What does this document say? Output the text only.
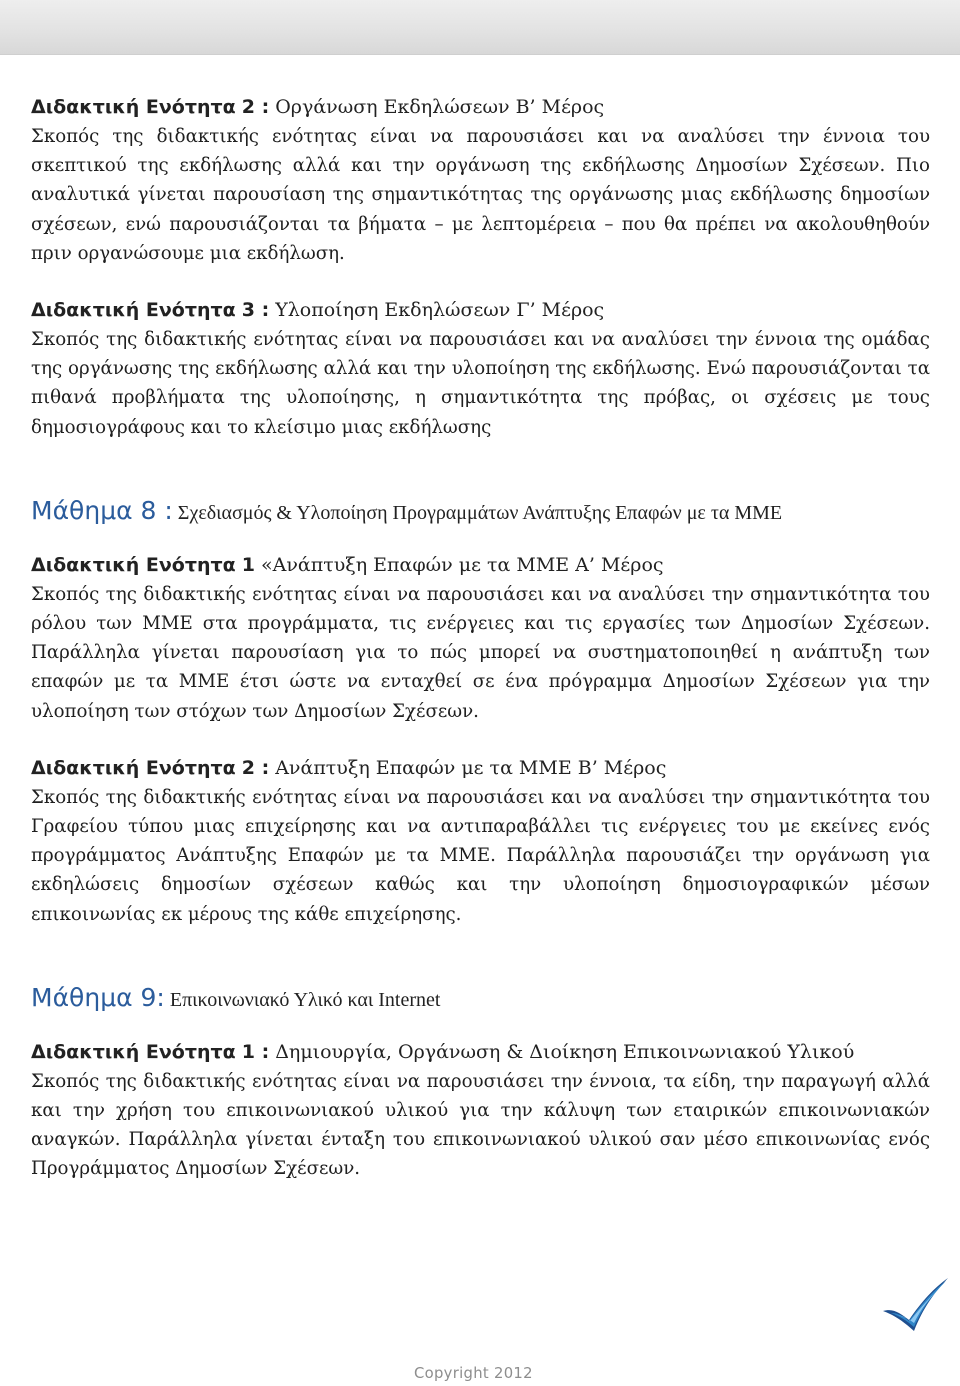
Διδακτική Ενότητα 2 : Οργάνωση Εκδηλώσεων Β’ Μέρος

Σκοπός της διδακτικής ενότητας είναι να παρουσιάσει και να αναλύσει την έννοια του σκεπτικού της εκδήλωσης αλλά και την οργάνωση της εκδήλωσης Δημοσίων Σχέσεων. Πιο αναλυτικά γίνεται παρουσίαση της σημαντικότητας της οργάνωσης μιας εκδήλωσης δημοσίων σχέσεων, ενώ παρουσιάζονται τα βήματα – με λεπτομέρεια – που θα πρέπει να ακολουθηθούν πριν οργανώσουμε μια εκδήλωση.

Διδακτική Ενότητα 3 : Υλοποίηση Εκδηλώσεων Γ’ Μέρος

Σκοπός της διδακτικής ενότητας είναι να παρουσιάσει και να αναλύσει την έννοια της ομάδας της οργάνωσης της εκδήλωσης αλλά και την υλοποίηση της εκδήλωσης. Ενώ παρουσιάζονται τα πιθανά προβλήματα της υλοποίησης, η σημαντικότητα της πρόβας, οι σχέσεις με τους δημοσιογράφους και το κλείσιμο μιας εκδήλωσης

Μάθημα 8 : Σχεδιασμός & Υλοποίηση Προγραμμάτων Ανάπτυξης Επαφών με τα ΜΜΕ
Διδακτική Ενότητα 1 «Ανάπτυξη Επαφών με τα ΜΜΕ Α’ Μέρος

Σκοπός της διδακτικής ενότητας είναι να παρουσιάσει και να αναλύσει την σημαντικότητα του ρόλου των ΜΜΕ στα προγράμματα, τις ενέργειες και τις εργασίες των Δημοσίων Σχέσεων. Παράλληλα γίνεται παρουσίαση για το πώς μπορεί να συστηματοποιηθεί η ανάπτυξη των επαφών με τα ΜΜΕ έτσι ώστε να ενταχθεί σε ένα πρόγραμμα Δημοσίων Σχέσεων για την υλοποίηση των στόχων των Δημοσίων Σχέσεων.

Διδακτική Ενότητα 2 : Ανάπτυξη Επαφών με τα ΜΜΕ Β’ Μέρος

Σκοπός της διδακτικής ενότητας είναι να παρουσιάσει και να αναλύσει την σημαντικότητα του Γραφείου τύπου μιας επιχείρησης και να αντιπαραβάλλει τις ενέργειες του με εκείνες ενός προγράμματος Ανάπτυξης Επαφών με τα ΜΜΕ. Παράλληλα παρουσιάζει την οργάνωση για εκδηλώσεις δημοσίων σχέσεων καθώς και την υλοποίηση δημοσιογραφικών μέσων επικοινωνίας εκ μέρους της κάθε επιχείρησης.

Μάθημα 9: Επικοινωνιακό Υλικό και Internet
Διδακτική Ενότητα 1 : Δημιουργία, Οργάνωση & Διοίκηση Επικοινωνιακού Υλικού

Σκοπός της διδακτικής ενότητας είναι να παρουσιάσει την έννοια, τα είδη, την παραγωγή αλλά και την χρήση του επικοινωνιακού υλικού για την κάλυψη των εταιρικών επικοινωνιακών αναγκών. Παράλληλα γίνεται ένταξη του επικοινωνιακού υλικού σαν μέσο επικοινωνίας ενός Προγράμματος Δημοσίων Σχέσεων.

Copyright 2012
